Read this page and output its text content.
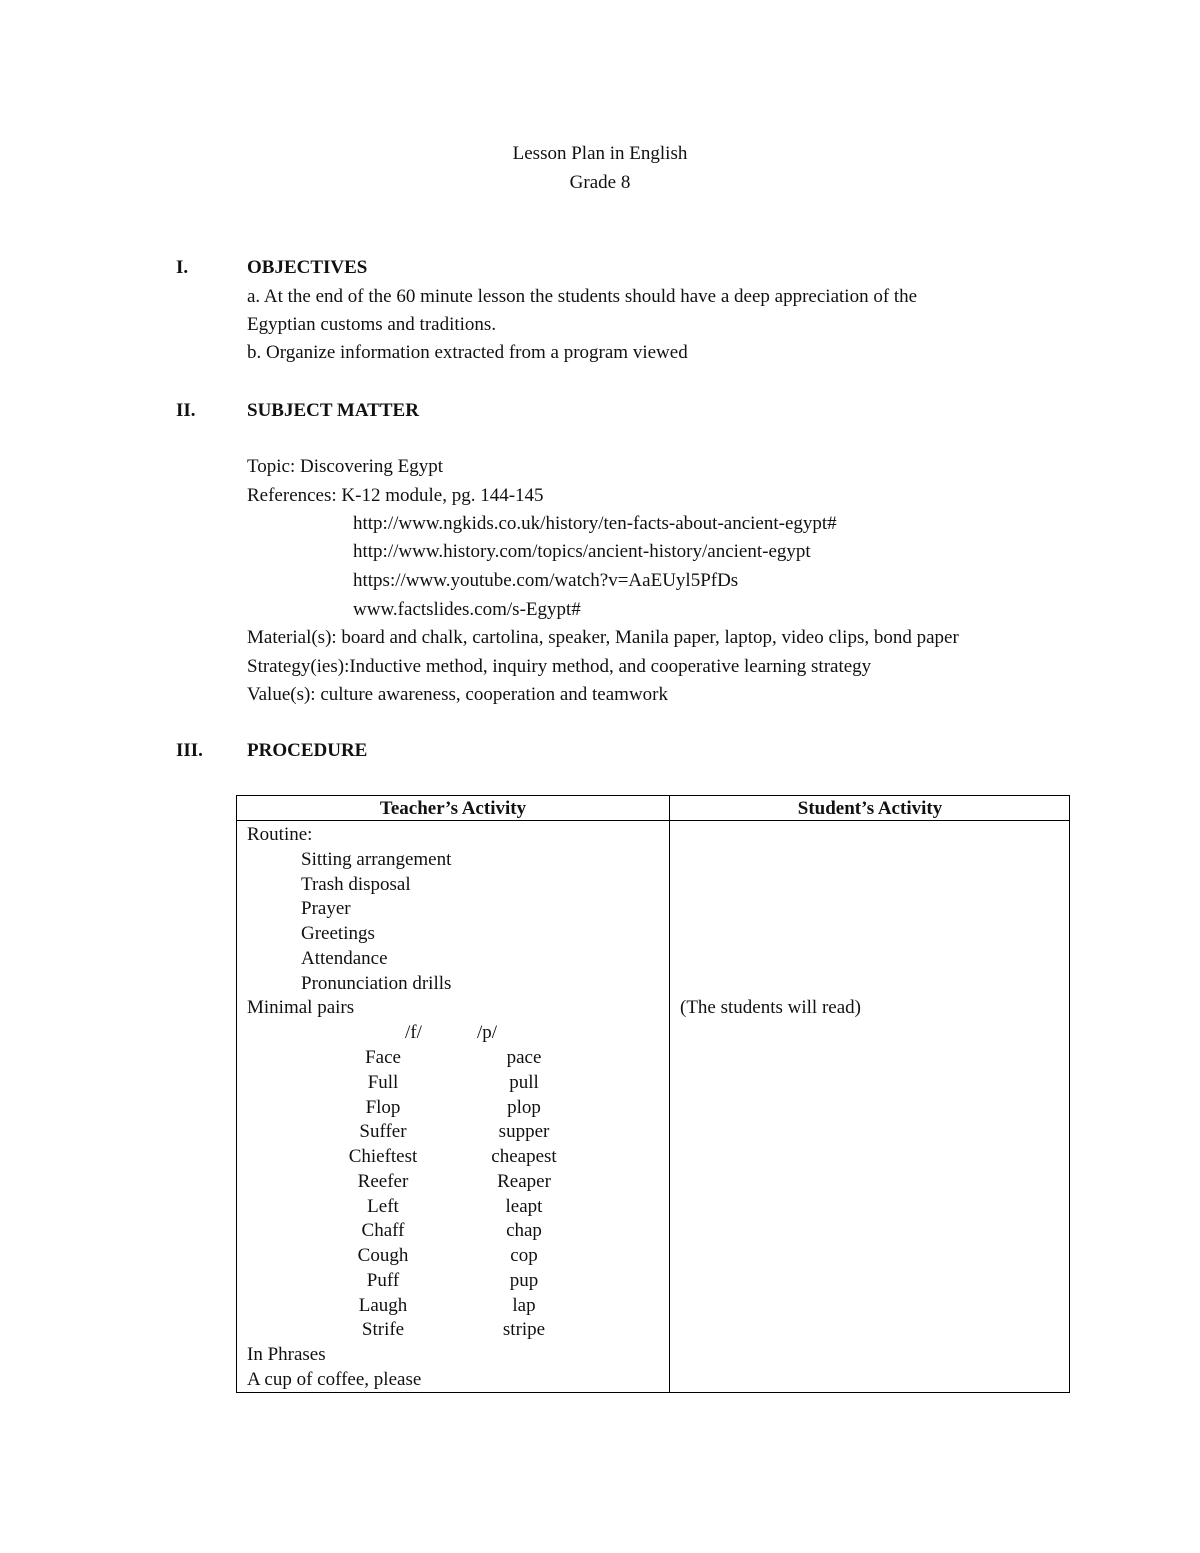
Lesson Plan in English
Grade 8
I.	OBJECTIVES
a. At the end of the 60 minute lesson the students should have a deep appreciation of the
Egyptian customs and traditions.
b. Organize information extracted from a program viewed
II.	SUBJECT MATTER
Topic: Discovering Egypt
References: K-12 module, pg. 144-145
http://www.ngkids.co.uk/history/ten-facts-about-ancient-egypt#
http://www.history.com/topics/ancient-history/ancient-egypt
https://www.youtube.com/watch?v=AaEUyl5PfDs
www.factslides.com/s-Egypt#
Material(s): board and chalk, cartolina, speaker, Manila paper, laptop, video clips, bond paper
Strategy(ies):Inductive method, inquiry method, and cooperative learning strategy
Value(s): culture awareness, cooperation and teamwork
III. PROCEDURE
Teacher’s Activity	Student’s Activity
Routine:
Sitting arrangement
Trash disposal
Prayer
Greetings
Attendance
Pronunciation drills
Minimal pairs	(The students will read)
/f/	/p/
Face	pace
Full	pull
Flop	plop
Suffer	supper
Chieftest	cheapest
Reefer	Reaper
Left	leapt
Chaff	chap
Cough	cop
Puff	pup
Laugh	lap
Strife	stripe
In Phrases
A cup of coffee, please
